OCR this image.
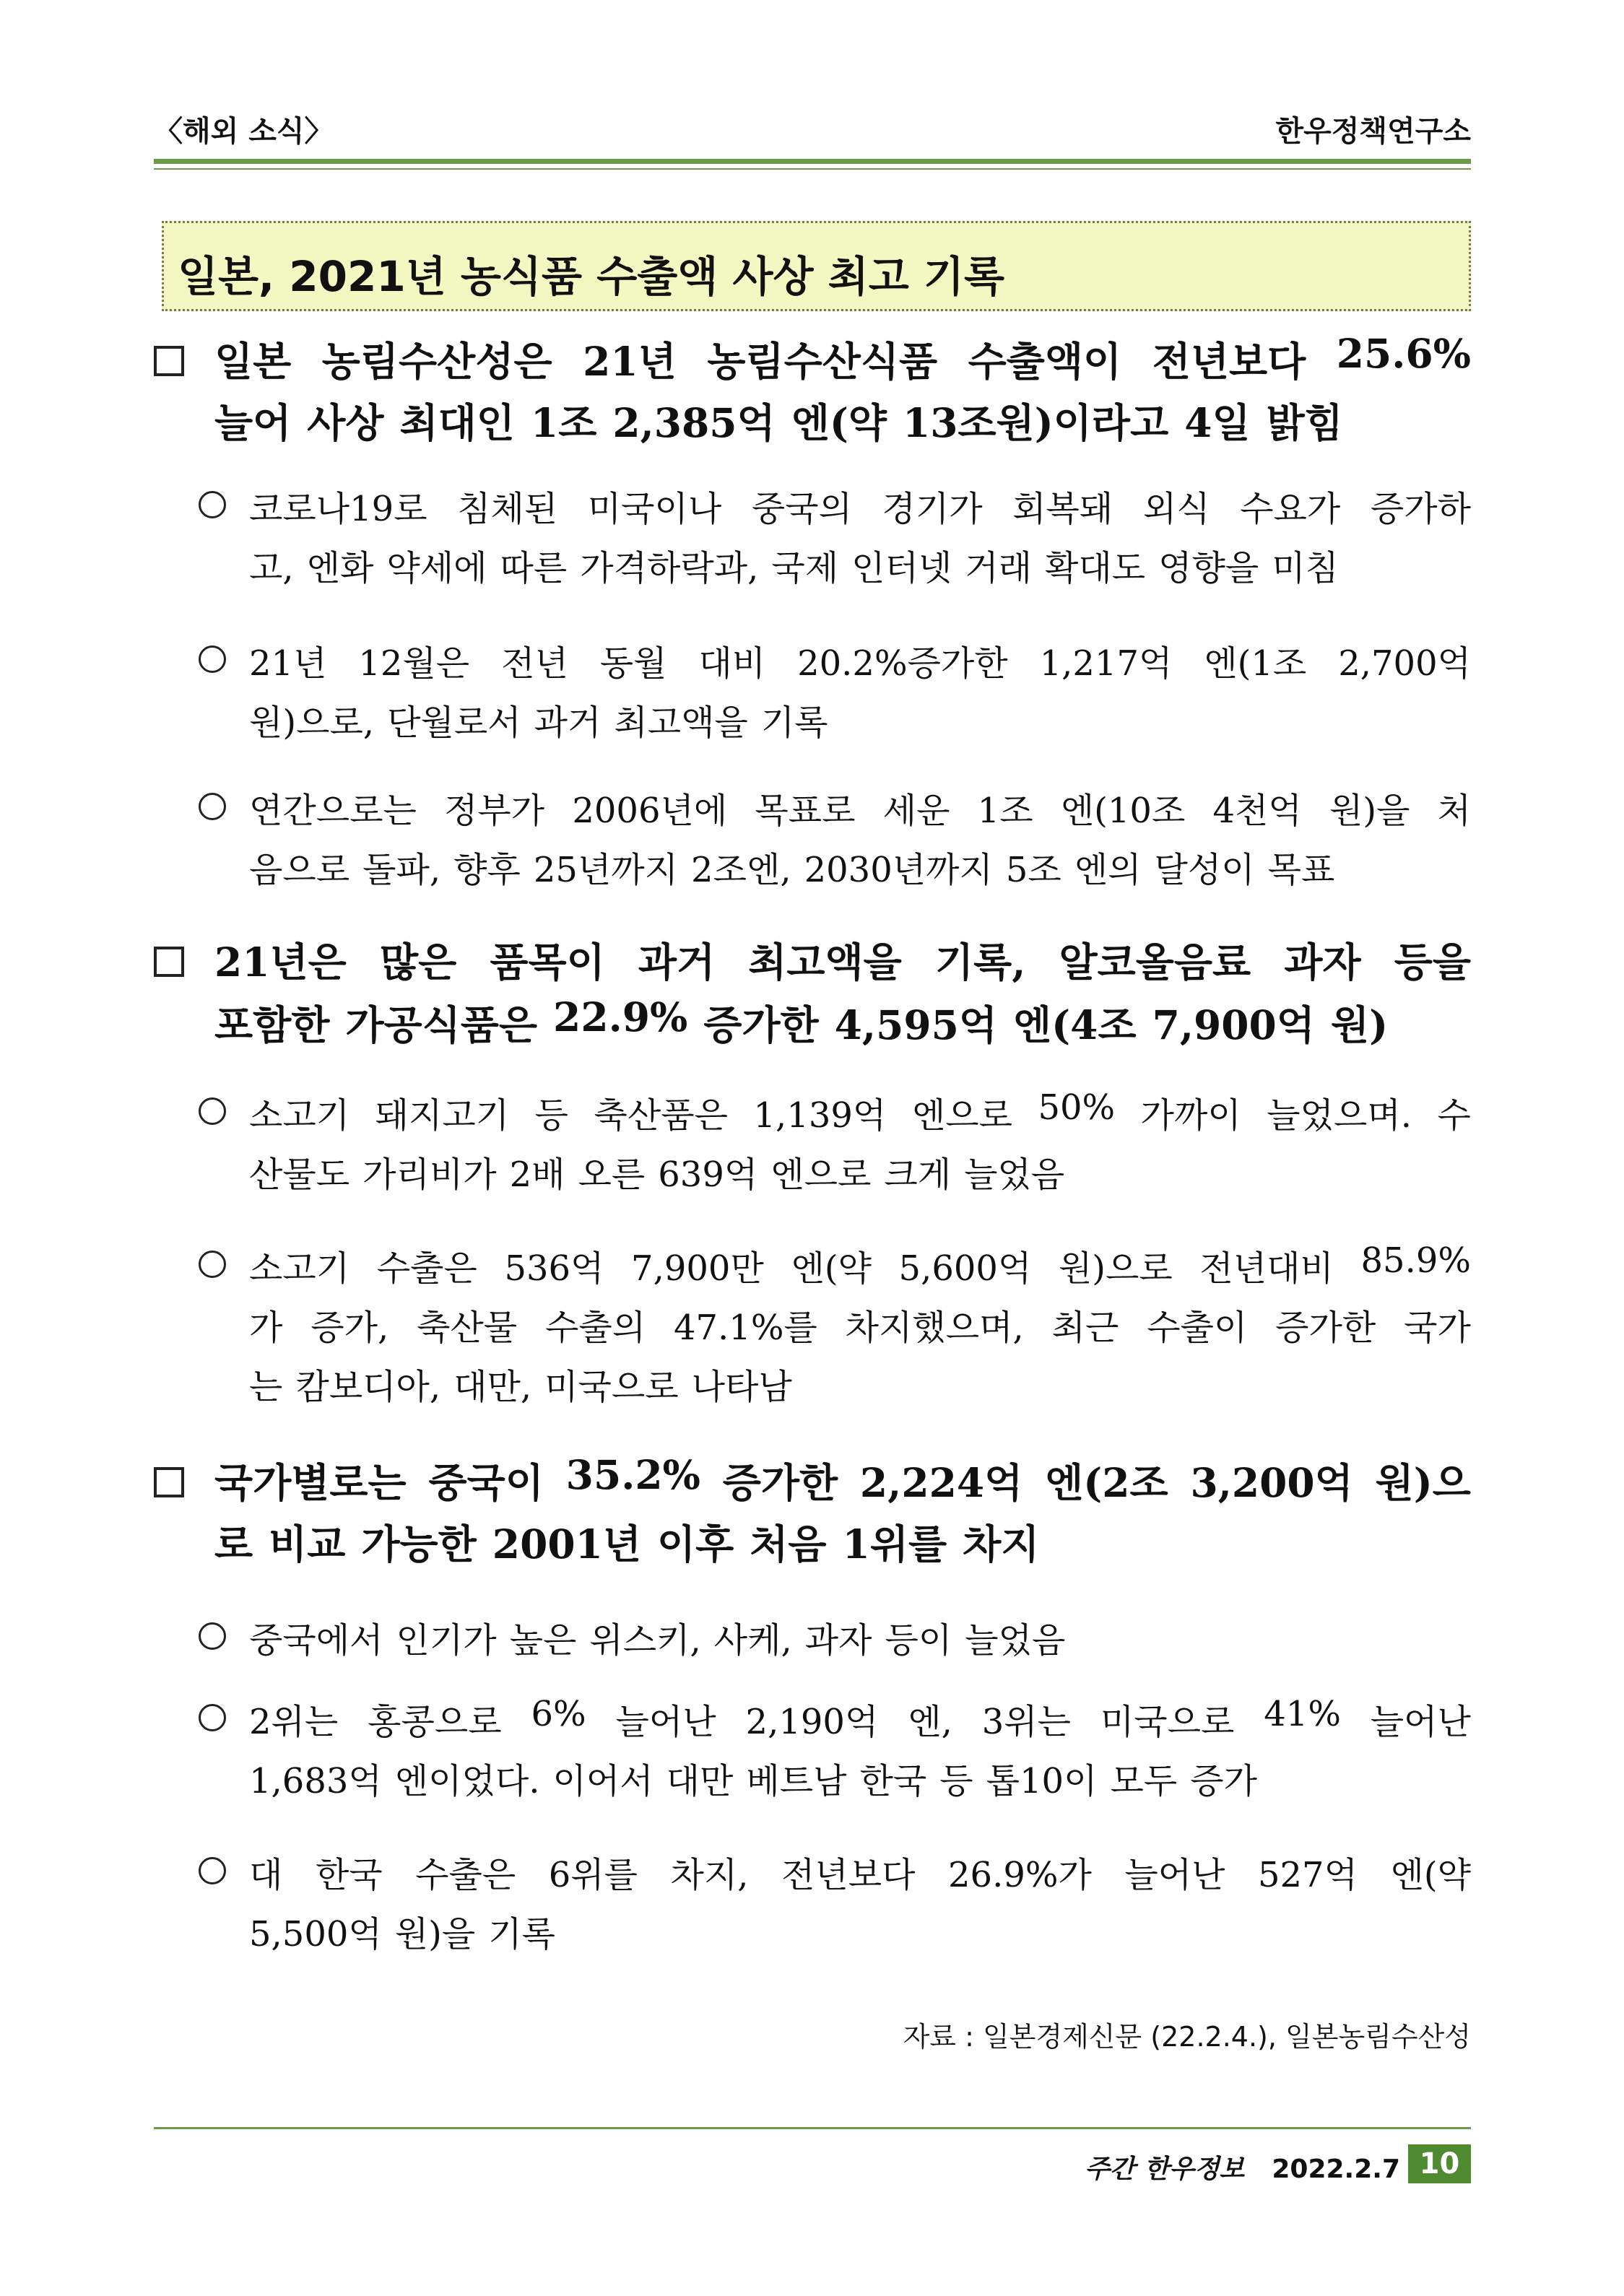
〈해외 소식〉	한우정책연구소
일본, 2021년 농식품 수출액 사상 최고 기록
일본 농림수산성은 21년 농림수산식품 수출액이 전년보다 25.6%
늘어 사상 최대인 1조 2,385억 엔(약 13조원)이라고 4일 밝힘
코로나19로 침체된 미국이나 중국의 경기가 회복돼 외식 수요가 증가하
고, 엔화 약세에 따른 가격하락과, 국제 인터넷 거래 확대도 영향을 미침
21년 12월은 전년 동월 대비 20.2%증가한 1,217억 엔(1조 2,700억
원)으로, 단월로서 과거 최고액을 기록
연간으로는 정부가 2006년에 목표로 세운 1조 엔(10조 4천억 원)을 처
음으로 돌파, 향후 25년까지 2조엔, 2030년까지 5조 엔의 달성이 목표
21년은 많은 품목이 과거 최고액을 기록, 알코올음료 과자 등을
포함한 가공식품은 22.9% 증가한 4,595억 엔(4조 7,900억 원)
소고기 돼지고기 등 축산품은 1,139억 엔으로 50% 가까이 늘었으며. 수
산물도 가리비가 2배 오른 639억 엔으로 크게 늘었음
소고기 수출은 536억 7,900만 엔(약 5,600억 원)으로 전년대비 85.9%
가 증가, 축산물 수출의 47.1%를 차지했으며, 최근 수출이 증가한 국가
는 캄보디아, 대만, 미국으로 나타남
국가별로는 중국이 35.2% 증가한 2,224억 엔(2조 3,200억 원)으
로 비교 가능한 2001년 이후 처음 1위를 차지
중국에서 인기가 높은 위스키, 사케, 과자 등이 늘었음
2위는 홍콩으로 6% 늘어난 2,190억 엔, 3위는 미국으로 41% 늘어난
1,683억 엔이었다. 이어서 대만 베트남 한국 등 톱10이 모두 증가
대 한국 수출은 6위를 차지, 전년보다 26.9%가 늘어난 527억 엔(약
5,500억 원)을 기록
자료 : 일본경제신문 (22.2.4.), 일본농림수산성
주간 한우정보 2022.2.7 10
